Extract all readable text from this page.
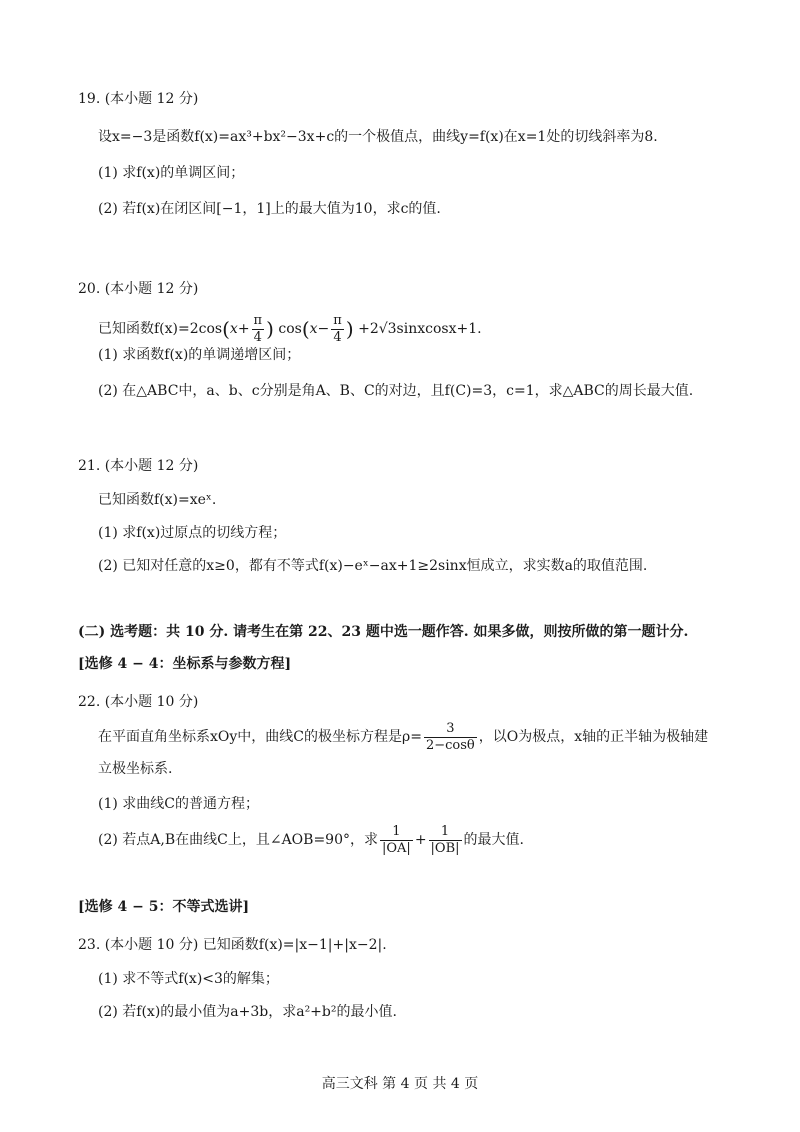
19. (本小题 12 分)
设x=−3是函数f(x)=ax³+bx²−3x+c的一个极值点，曲线y=f(x)在x=1处的切线斜率为8.
(1) 求f(x)的单调区间；
(2) 若f(x)在闭区间[−1，1]上的最大值为10，求c的值.
20. (本小题 12 分)
已知函数$f(x)=2\cos(x+ \frac{\pi}{4}$ ) $\cos(x- \frac{\pi}{4}$ ) +2√3sinxcosx+1.
(1) 求函数f(x)的单调递增区间；
(2) 在△ABC中，a、b、c分别是角A、B、C的对边，且f(C)=3，c=1，求△ABC的周长最大值.
21. (本小题 12 分)
已知函数f(x)=xeˣ.
(1) 求f(x)过原点的切线方程；
(2) 已知对任意的x≥0，都有不等式f(x)−eˣ−ax+1≥2sinx恒成立，求实数a的取值范围.
(二) 选考题：共 10 分. 请考生在第 22、23 题中选一题作答. 如果多做，则按所做的第一题计分.
[选修 4 − 4：坐标系与参数方程]
22. (本小题 10 分)
在平面直角坐标系xOy中，曲线C的极坐标方程是$\rho= \frac{3}{2-\cos\theta}$ ，以O为极点，x轴的正半轴为极轴建
立极坐标系.
(1) 求曲线C的普通方程；
(2) 若点A,B在曲线C上，且∠AOB=90°，求 $\frac{1}{|OA|} + \frac{1}{|OB|}$ 的最大值.
[选修 4 − 5：不等式选讲]
23. (本小题 10 分) 已知函数f(x)=|x−1|+|x−2|.
(1) 求不等式f(x)<3的解集；
(2) 若f(x)的最小值为a+3b，求a²+b²的最小值.
高三文科 第 4 页 共 4 页
